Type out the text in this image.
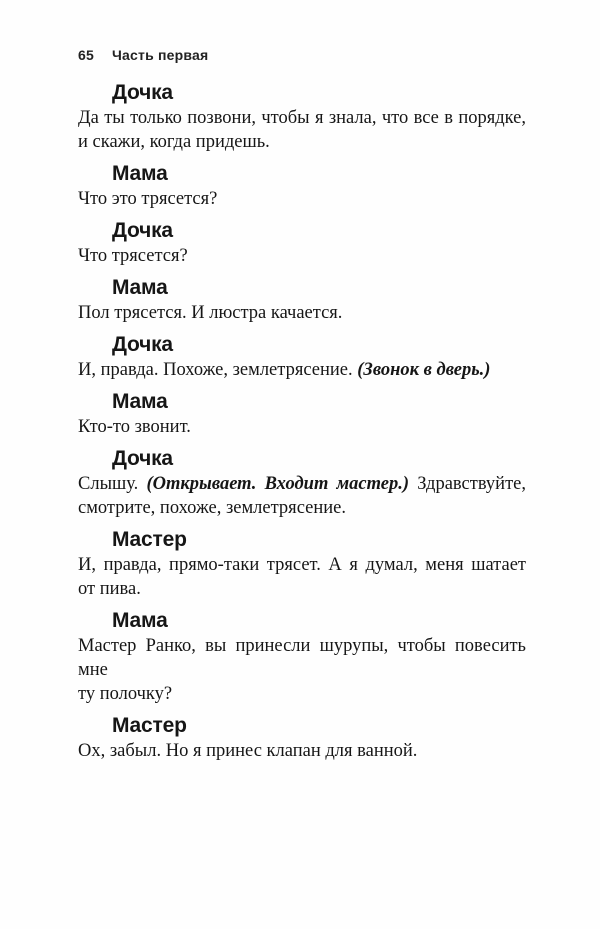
65 Часть первая
Дочка
Да ты только позвони, чтобы я знала, что все в порядке,
и скажи, когда придешь.
Мама
Что это трясется?
Дочка
Что трясется?
Мама
Пол трясется. И люстра качается.
Дочка
И, правда. Похоже, землетрясение. (Звонок в дверь.)
Мама
Кто-то звонит.
Дочка
Слышу. (Открывает. Входит мастер.) Здравствуйте,
смотрите, похоже, землетрясение.
Мастер
И, правда, прямо-таки трясет. А я думал, меня шатает
от пива.
Мама
Мастер Ранко, вы принесли шурупы, чтобы повесить мне
ту полочку?
Мастер
Ох, забыл. Но я принес клапан для ванной.
